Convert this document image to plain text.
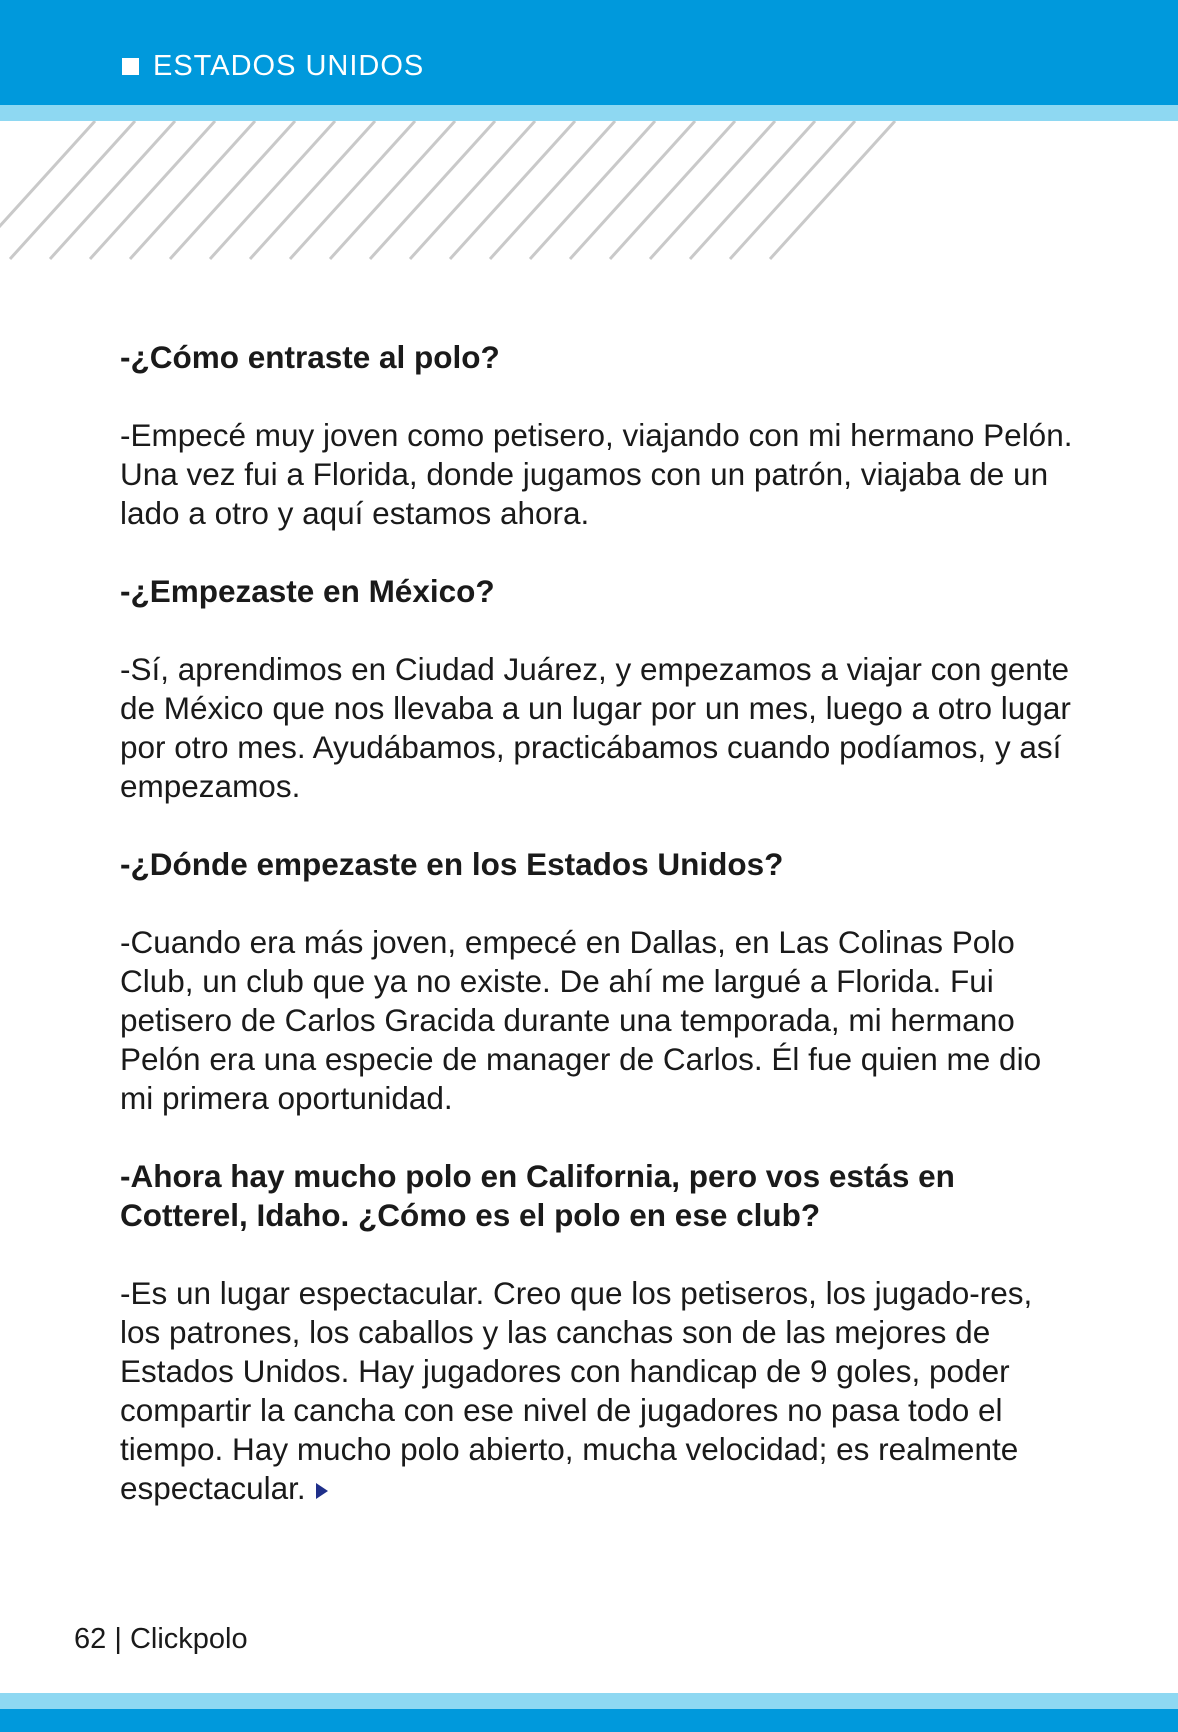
ESTADOS UNIDOS

-¿Cómo entraste al polo?

-Empecé muy joven como petisero, viajando con mi hermano Pelón. Una vez fui a Florida, donde jugamos con un patrón, viajaba de un lado a otro y aquí estamos ahora.

-¿Empezaste en México?

-Sí, aprendimos en Ciudad Juárez, y empezamos a viajar con gente de México que nos llevaba a un lugar por un mes, luego a otro lugar por otro mes. Ayudábamos, practicábamos cuando podíamos, y así empezamos.

-¿Dónde empezaste en los Estados Unidos?

-Cuando era más joven, empecé en Dallas, en Las Colinas Polo Club, un club que ya no existe. De ahí me largué a Florida. Fui petisero de Carlos Gracida durante una temporada, mi hermano Pelón era una especie de manager de Carlos. Él fue quien me dio mi primera oportunidad.

-Ahora hay mucho polo en California, pero vos estás en Cotterel, Idaho. ¿Cómo es el polo en ese club?

-Es un lugar espectacular. Creo que los petiseros, los jugado-res, los patrones, los caballos y las canchas son de las mejores de Estados Unidos. Hay jugadores con handicap de 9 goles, poder compartir la cancha con ese nivel de jugadores no pasa todo el tiempo. Hay mucho polo abierto, mucha velocidad; es realmente espectacular.

62 | Clickpolo
